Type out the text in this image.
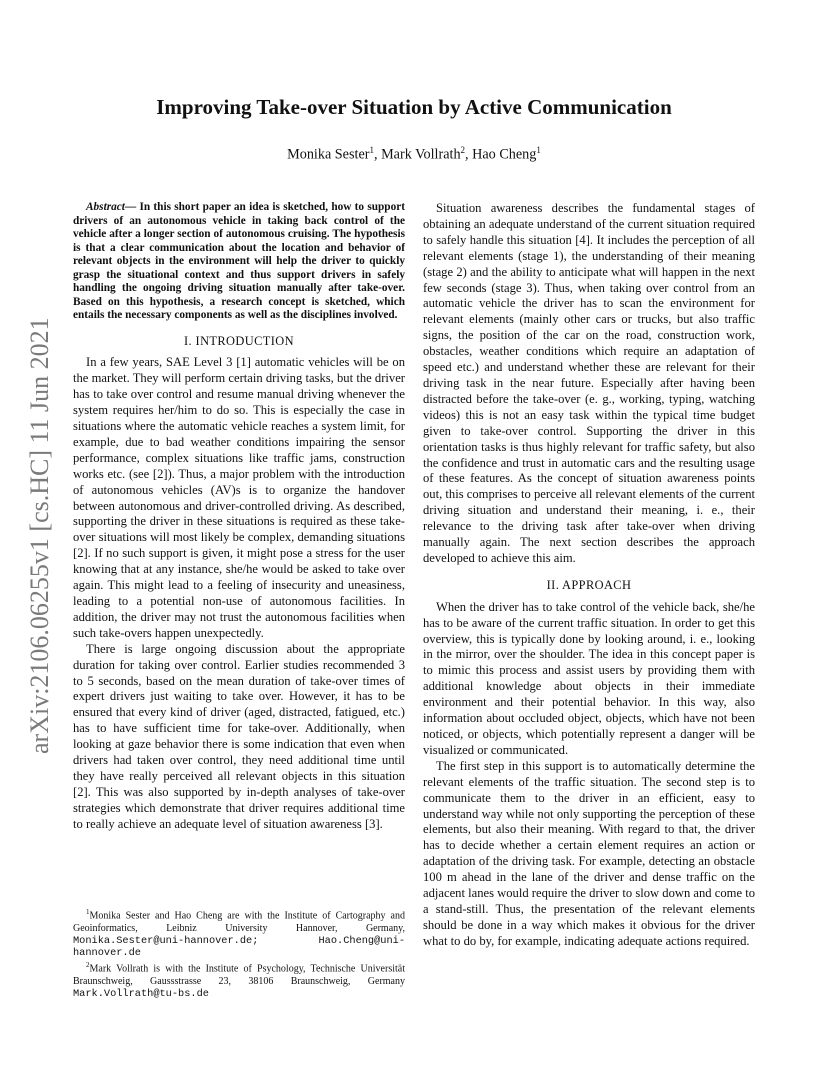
arXiv:2106.06255v1 [cs.HC] 11 Jun 2021
Improving Take-over Situation by Active Communication
Monika Sester$^1$, Mark Vollrath$^2$, Hao Cheng$^1$

Abstract— In this short paper an idea is sketched, how to support drivers of an autonomous vehicle in taking back control of the vehicle after a longer section of autonomous cruising. The hypothesis is that a clear communication about the location and behavior of relevant objects in the environment will help the driver to quickly grasp the situational context and thus support drivers in safely handling the ongoing driving situation manually after take-over. Based on this hypothesis, a research concept is sketched, which entails the necessary components as well as the disciplines involved.

I. INTRODUCTION

In a few years, SAE Level 3 [1] automatic vehicles will be on the market. They will perform certain driving tasks, but the driver has to take over control and resume manual driving whenever the system requires her/him to do so. This is especially the case in situations where the automatic vehicle reaches a system limit, for example, due to bad weather conditions impairing the sensor performance, complex situations like traffic jams, construction works etc. (see [2]). Thus, a major problem with the introduction of autonomous vehicles (AV)s is to organize the handover between autonomous and driver-controlled driving. As described, supporting the driver in these situations is required as these take-over situations will most likely be complex, demanding situations [2]. If no such support is given, it might pose a stress for the user knowing that at any instance, she/he would be asked to take over again. This might lead to a feeling of insecurity and uneasiness, leading to a potential non-use of autonomous facilities. In addition, the driver may not trust the autonomous facilities when such take-overs happen unexpectedly.

There is large ongoing discussion about the appropriate duration for taking over control. Earlier studies recommended 3 to 5 seconds, based on the mean duration of take-over times of expert drivers just waiting to take over. However, it has to be ensured that every kind of driver (aged, distracted, fatigued, etc.) has to have sufficient time for take-over. Additionally, when looking at gaze behavior there is some indication that even when drivers had taken over control, they need additional time until they have really perceived all relevant objects in this situation [2]. This was also supported by in-depth analyses of take-over strategies which demonstrate that driver requires additional time to really achieve an adequate level of situation awareness [3].

$^1$Monika Sester and Hao Cheng are with the Institute of Cartography and Geoinformatics, Leibniz University Hannover, Germany, Monika.Sester@uni-hannover.de; Hao.Cheng@uni-hannover.de

$^2$Mark Vollrath is with the Institute of Psychology, Technische Universität Braunschweig, Gaussstrasse 23, 38106 Braunschweig, Germany Mark.Vollrath@tu-bs.de

Situation awareness describes the fundamental stages of obtaining an adequate understand of the current situation required to safely handle this situation [4]. It includes the perception of all relevant elements (stage 1), the understanding of their meaning (stage 2) and the ability to anticipate what will happen in the next few seconds (stage 3). Thus, when taking over control from an automatic vehicle the driver has to scan the environment for relevant elements (mainly other cars or trucks, but also traffic signs, the position of the car on the road, construction work, obstacles, weather conditions which require an adaptation of speed etc.) and understand whether these are relevant for their driving task in the near future. Especially after having been distracted before the take-over (e. g., working, typing, watching videos) this is not an easy task within the typical time budget given to take-over control. Supporting the driver in this orientation tasks is thus highly relevant for traffic safety, but also the confidence and trust in automatic cars and the resulting usage of these features. As the concept of situation awareness points out, this comprises to perceive all relevant elements of the current driving situation and understand their meaning, i. e., their relevance to the driving task after take-over when driving manually again. The next section describes the approach developed to achieve this aim.

II. APPROACH

When the driver has to take control of the vehicle back, she/he has to be aware of the current traffic situation. In order to get this overview, this is typically done by looking around, i. e., looking in the mirror, over the shoulder. The idea in this concept paper is to mimic this process and assist users by providing them with additional knowledge about objects in their immediate environment and their potential behavior. In this way, also information about occluded object, objects, which have not been noticed, or objects, which potentially represent a danger will be visualized or communicated.

The first step in this support is to automatically determine the relevant elements of the traffic situation. The second step is to communicate them to the driver in an efficient, easy to understand way while not only supporting the perception of these elements, but also their meaning. With regard to that, the driver has to decide whether a certain element requires an action or adaptation of the driving task. For example, detecting an obstacle 100 m ahead in the lane of the driver and dense traffic on the adjacent lanes would require the driver to slow down and come to a stand-still. Thus, the presentation of the relevant elements should be done in a way which makes it obvious for the driver what to do by, for example, indicating adequate actions required.
